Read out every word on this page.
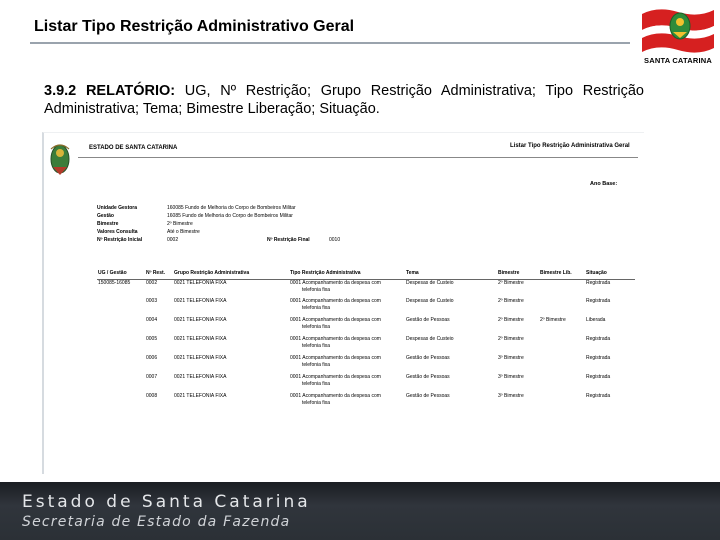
Listar Tipo Restrição Administrativo Geral
SANTA CATARINA
3.9.2 RELATÓRIO: UG, Nº Restrição; Grupo Restrição Administrativa; Tipo Restrição Administrativa; Tema; Bimestre Liberação; Situação.
ESTADO DE SANTA CATARINA	Listar Tipo Restrição Administrativa Geral
Ano Base:
Unidade Gestora	160085 Fundo de Melhoria do Corpo de Bombeiros Militar
Gestão	16085 Fundo de Melhoria do Corpo de Bombeiros Militar
Bimestre	2º Bimestre
Valores Consulta	Até o Bimestre
Nº Restrição Inicial	0002	Nº Restrição Final	0010
UG / Gestão	Nº Rest.	Grupo Restrição Administrativa	Tipo Restrição Administrativa	Tema	Bimestre	Bimestre Lib.	Situação
150085-16085	0002	0021 TELEFONIA FIXA	0001 Acompanhamento da despesa com
telefonia fixa	Despesas de Custeio	2º Bimestre		Registrada
	0003	0021 TELEFONIA FIXA	0001 Acompanhamento da despesa com
telefonia fixa	Despesas de Custeio	2º Bimestre		Registrada
	0004	0021 TELEFONIA FIXA	0001 Acompanhamento da despesa com
telefonia fixa	Gestão de Pessoas	2º Bimestre	2º Bimestre	Liberada
	0005	0021 TELEFONIA FIXA	0001 Acompanhamento da despesa com
telefonia fixa	Despesas de Custeio	2º Bimestre		Registrada
	0006	0021 TELEFONIA FIXA	0001 Acompanhamento da despesa com
telefonia fixa	Gestão de Pessoas	3º Bimestre		Registrada
	0007	0021 TELEFONIA FIXA	0001 Acompanhamento da despesa com
telefonia fixa	Gestão de Pessoas	3º Bimestre		Registrada
	0008	0021 TELEFONIA FIXA	0001 Acompanhamento da despesa com
telefonia fixa	Gestão de Pessoas	3º Bimestre		Registrada
Estado de Santa Catarina
Secretaria de Estado da Fazenda
